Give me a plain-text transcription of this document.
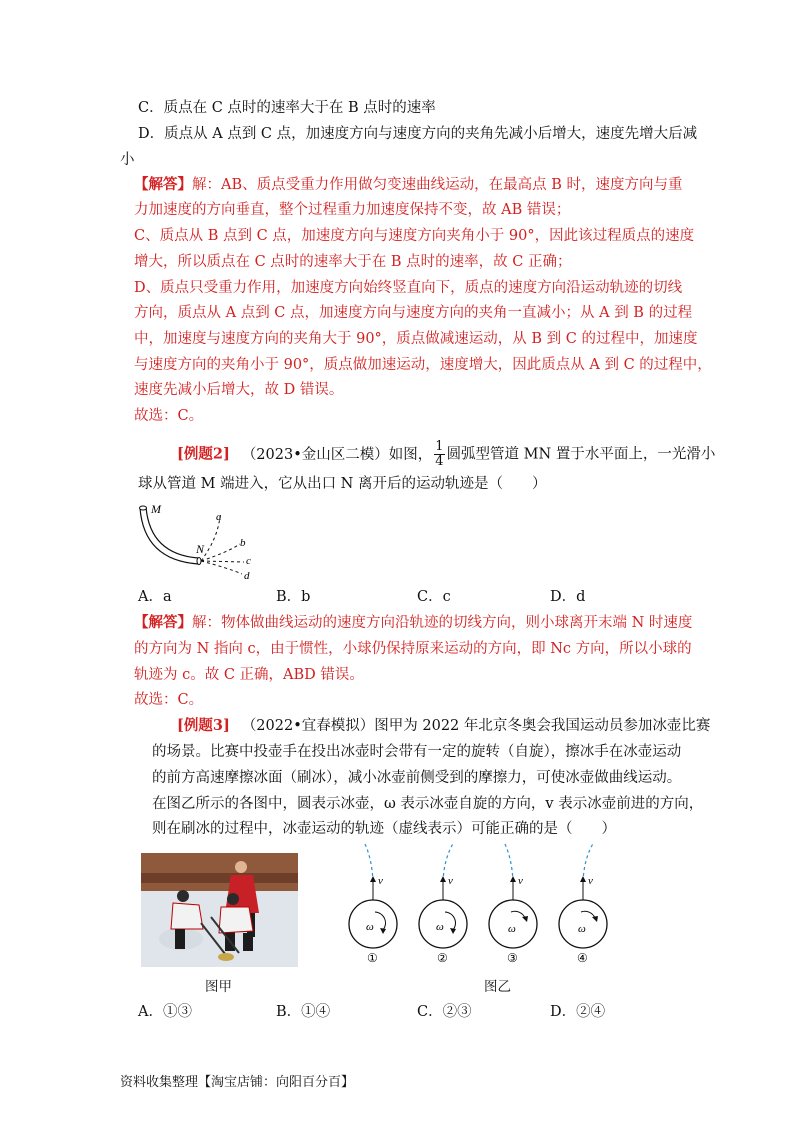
C．质点在 C 点时的速率大于在 B 点时的速率
D．质点从 A 点到 C 点，加速度方向与速度方向的夹角先减小后增大，速度先增大后减
小
【解答】解：AB、质点受重力作用做匀变速曲线运动，在最高点 B 时，速度方向与重
力加速度的方向垂直，整个过程重力加速度保持不变，故 AB 错误；
C、质点从 B 点到 C 点，加速度方向与速度方向夹角小于 90°，因此该过程质点的速度
增大，所以质点在 C 点时的速率大于在 B 点时的速率，故 C 正确；
D、质点只受重力作用，加速度方向始终竖直向下，质点的速度方向沿运动轨迹的切线
方向，质点从 A 点到 C 点，加速度方向与速度方向的夹角一直减小；从 A 到 B 的过程
中，加速度与速度方向的夹角大于 90°，质点做减速运动，从 B 到 C 的过程中，加速度
与速度方向的夹角小于 90°，质点做加速运动，速度增大，因此质点从 A 到 C 的过程中，
速度先减小后增大，故 D 错误。
故选：C。
[例题2] （2023•金山区二模）如图， $\frac{1}{4}$ 圆弧型管道 MN 置于水平面上，一光滑小
球从管道 M 端进入，它从出口 N 离开后的运动轨迹是（　　）
M
N
a
b
c
d
A．a	B．b	C．c	D．d
【解答】解：物体做曲线运动的速度方向沿轨迹的切线方向，则小球离开末端 N 时速度
的方向为 N 指向 c，由于惯性，小球仍保持原来运动的方向，即 Nc 方向，所以小球的
轨迹为 c。故 C 正确，ABD 错误。
故选：C。
[例题3] （2022•宜春模拟）图甲为 2022 年北京冬奥会我国运动员参加冰壶比赛
的场景。比赛中投壶手在投出冰壶时会带有一定的旋转（自旋），擦冰手在冰壶运动
的前方高速摩擦冰面（刷冰），减小冰壶前侧受到的摩擦力，可使冰壶做曲线运动。
在图乙所示的各图中，圆表示冰壶，ω 表示冰壶自旋的方向，v 表示冰壶前进的方向，
则在刷冰的过程中，冰壶运动的轨迹（虚线表示）可能正确的是（　　）
图甲
v
ω
①
v
ω
②
v
ω
③
v
ω
④
图乙
A．①③	B．①④	C．②③	D．②④
资料收集整理【淘宝店铺：向阳百分百】
